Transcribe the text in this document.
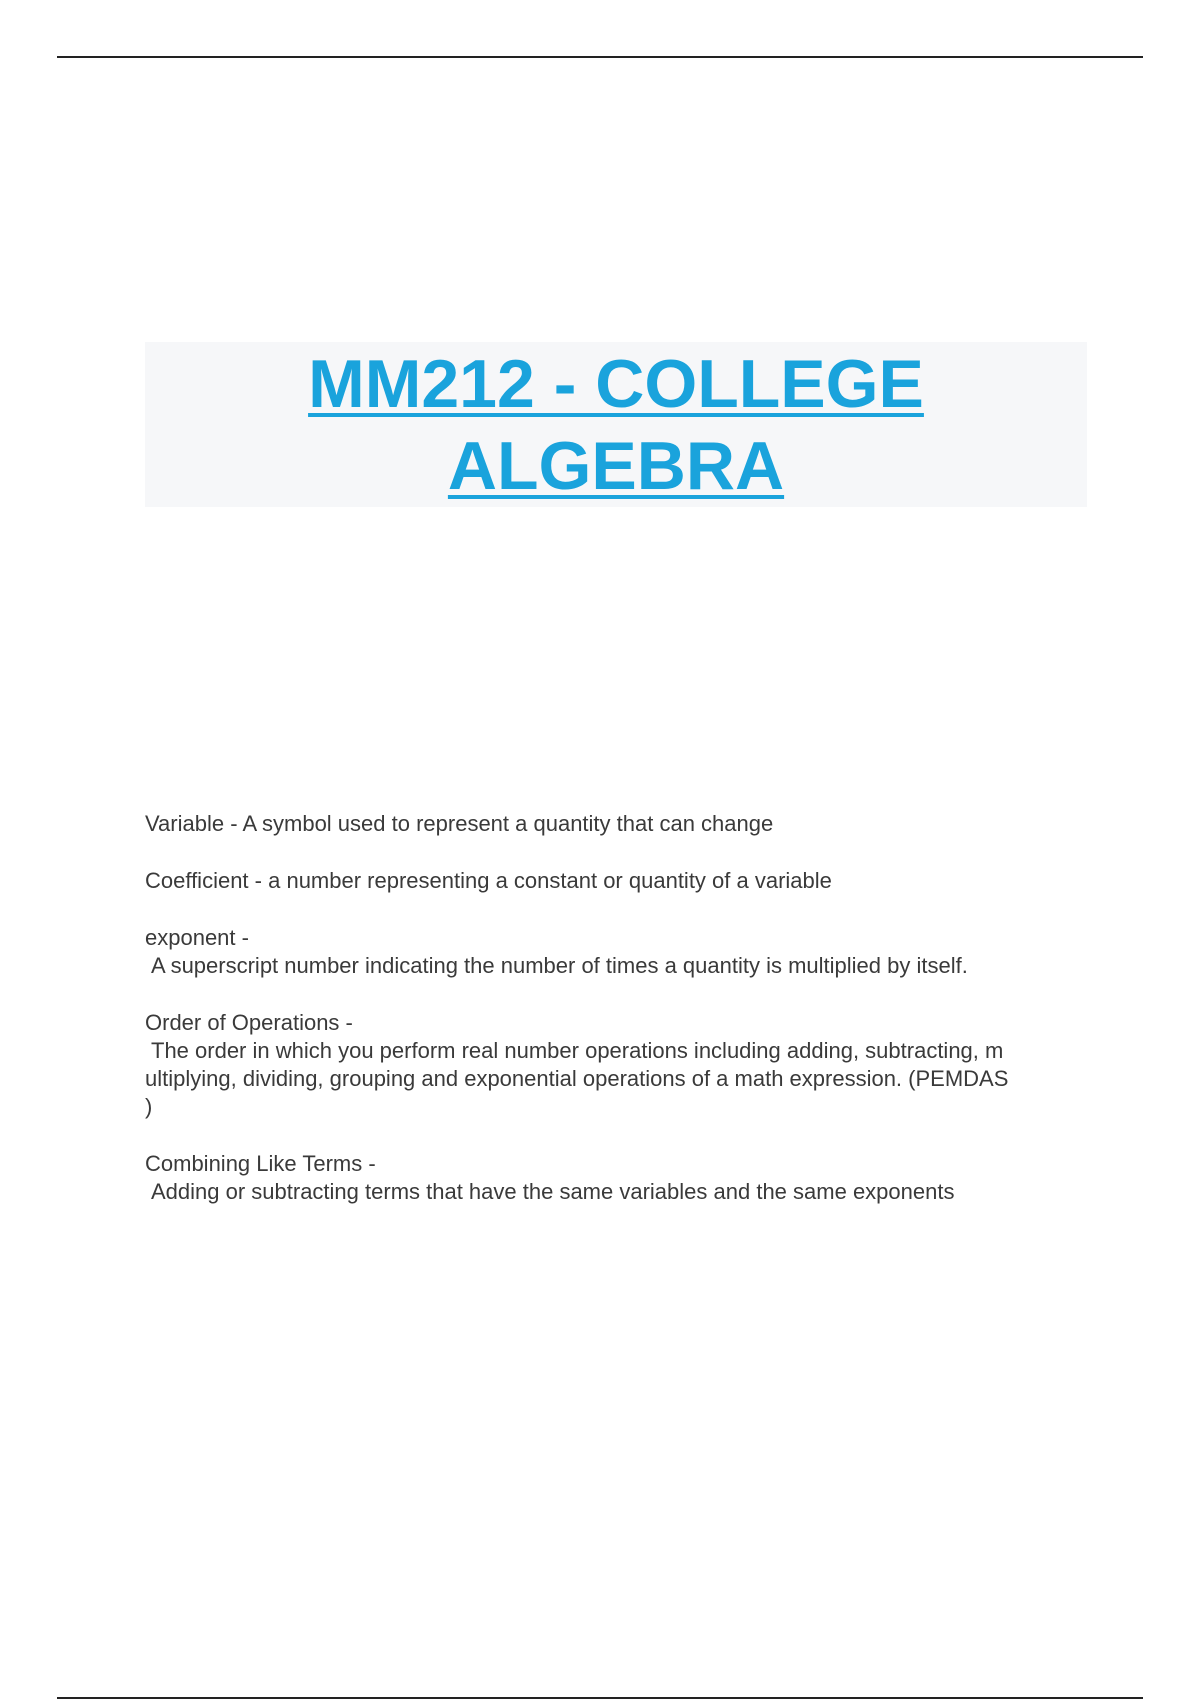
MM212 - COLLEGE
ALGEBRA

Variable - A symbol used to represent a quantity that can change

Coefficient - a number representing a constant or quantity of a variable

exponent -

A superscript number indicating the number of times a quantity is multiplied by itself.

Order of Operations -

The order in which you perform real number operations including adding, subtracting, m

ultiplying, dividing, grouping and exponential operations of a math expression. (PEMDAS

)

Combining Like Terms -

Adding or subtracting terms that have the same variables and the same exponents
